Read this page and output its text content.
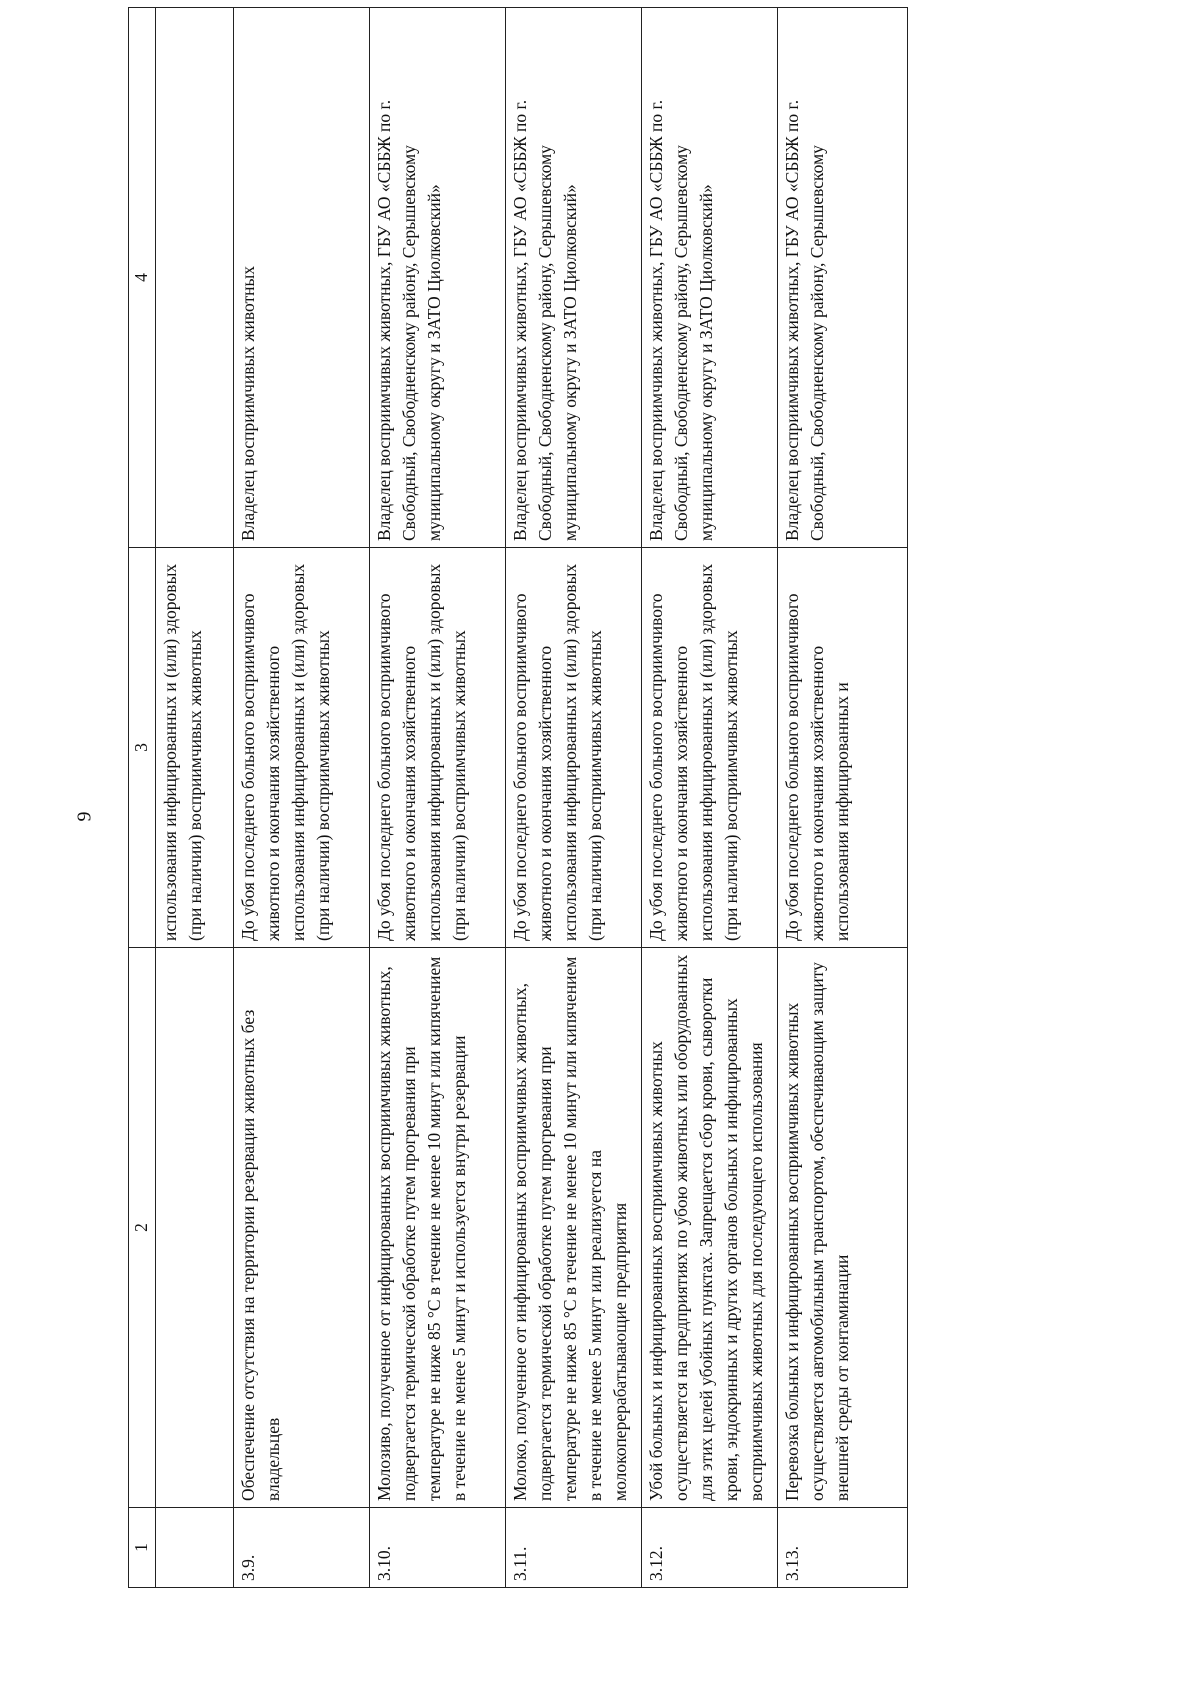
9
1	2	3	4
		использования инфицированных и (или) здоровых (при наличии) восприимчивых животных	
3.9.	Обеспечение отсутствия на территории резервации животных без владельцев	До убоя последнего больного восприимчивого животного и окончания хозяйственного использования инфицированных и (или) здоровых (при наличии) восприимчивых животных	Владелец восприимчивых животных
3.10.	Молозиво, полученное от инфицированных восприимчивых животных, подвергается термической обработке путем прогревания при температуре не ниже 85 °С в течение не менее 10 минут или кипячением в течение не менее 5 минут и используется внутри резервации	До убоя последнего больного восприимчивого животного и окончания хозяйственного использования инфицированных и (или) здоровых (при наличии) восприимчивых животных	Владелец восприимчивых животных, ГБУ АО «СББЖ по г. Свободный, Свободненскому району, Серышевскому муниципальному округу и ЗАТО Циолковский»
3.11.	Молоко, полученное от инфицированных восприимчивых животных, подвергается термической обработке путем прогревания при температуре не ниже 85 °С в течение не менее 10 минут или кипячением в течение не менее 5 минут или реализуется на молокоперерабатывающие предприятия	До убоя последнего больного восприимчивого животного и окончания хозяйственного использования инфицированных и (или) здоровых (при наличии) восприимчивых животных	Владелец восприимчивых животных, ГБУ АО «СББЖ по г. Свободный, Свободненскому району, Серышевскому муниципальному округу и ЗАТО Циолковский»
3.12.	Убой больных и инфицированных восприимчивых животных осуществляется на предприятиях по убою животных или оборудованных для этих целей убойных пунктах. Запрещается сбор крови, сыворотки крови, эндокринных и других органов больных и инфицированных восприимчивых животных для последующего использования	До убоя последнего больного восприимчивого животного и окончания хозяйственного использования инфицированных и (или) здоровых (при наличии) восприимчивых животных	Владелец восприимчивых животных, ГБУ АО «СББЖ по г. Свободный, Свободненскому району, Серышевскому муниципальному округу и ЗАТО Циолковский»
3.13.	Перевозка больных и инфицированных восприимчивых животных осуществляется автомобильным транспортом, обеспечивающим защиту внешней среды от контаминации	До убоя последнего больного восприимчивого животного и окончания хозяйственного использования инфицированных и	Владелец восприимчивых животных, ГБУ АО «СББЖ по г. Свободный, Свободненскому району, Серышевскому
